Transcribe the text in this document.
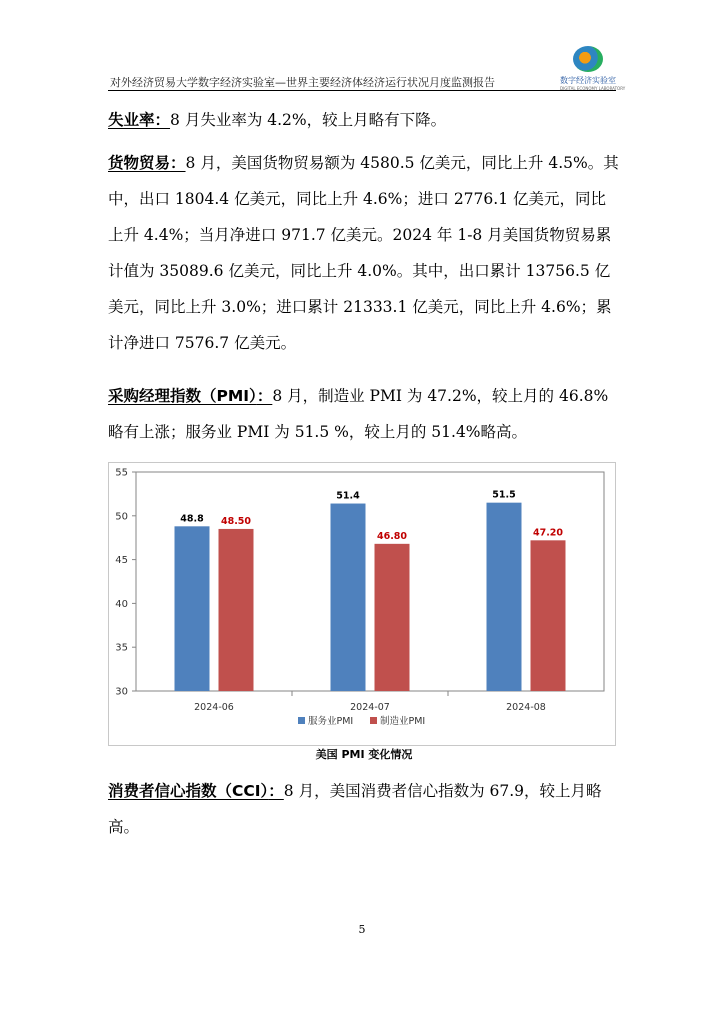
对外经济贸易大学数字经济实验室—世界主要经济体经济运行状况月度监测报告	数字经济实验室
DIGITAL ECONOMY LABORATORY
失业率：8 月失业率为 4.2%，较上月略有下降。
货物贸易：8 月，美国货物贸易额为 4580.5 亿美元，同比上升 4.5%。其中，出口 1804.4 亿美元，同比上升 4.6%；进口 2776.1 亿美元，同比上升 4.4%；当月净进口 971.7 亿美元。2024 年 1-8 月美国货物贸易累计值为 35089.6 亿美元，同比上升 4.0%。其中，出口累计 13756.5 亿美元，同比上升 3.0%；进口累计 21333.1 亿美元，同比上升 4.6%；累计净进口 7576.7 亿美元。
采购经理指数（PMI）：8 月，制造业 PMI 为 47.2%，较上月的 46.8%略有上涨；服务业 PMI 为 51.5 %，较上月的 51.4%略高。
30
35
40
45
50
55
2024-06
48.8 48.50
2024-07
51.4
46.80
2024-08
51.5
47.20
服务业PMI	制造业PMI
美国 PMI 变化情况
消费者信心指数（CCI）：8 月，美国消费者信心指数为 67.9，较上月略高。
5
